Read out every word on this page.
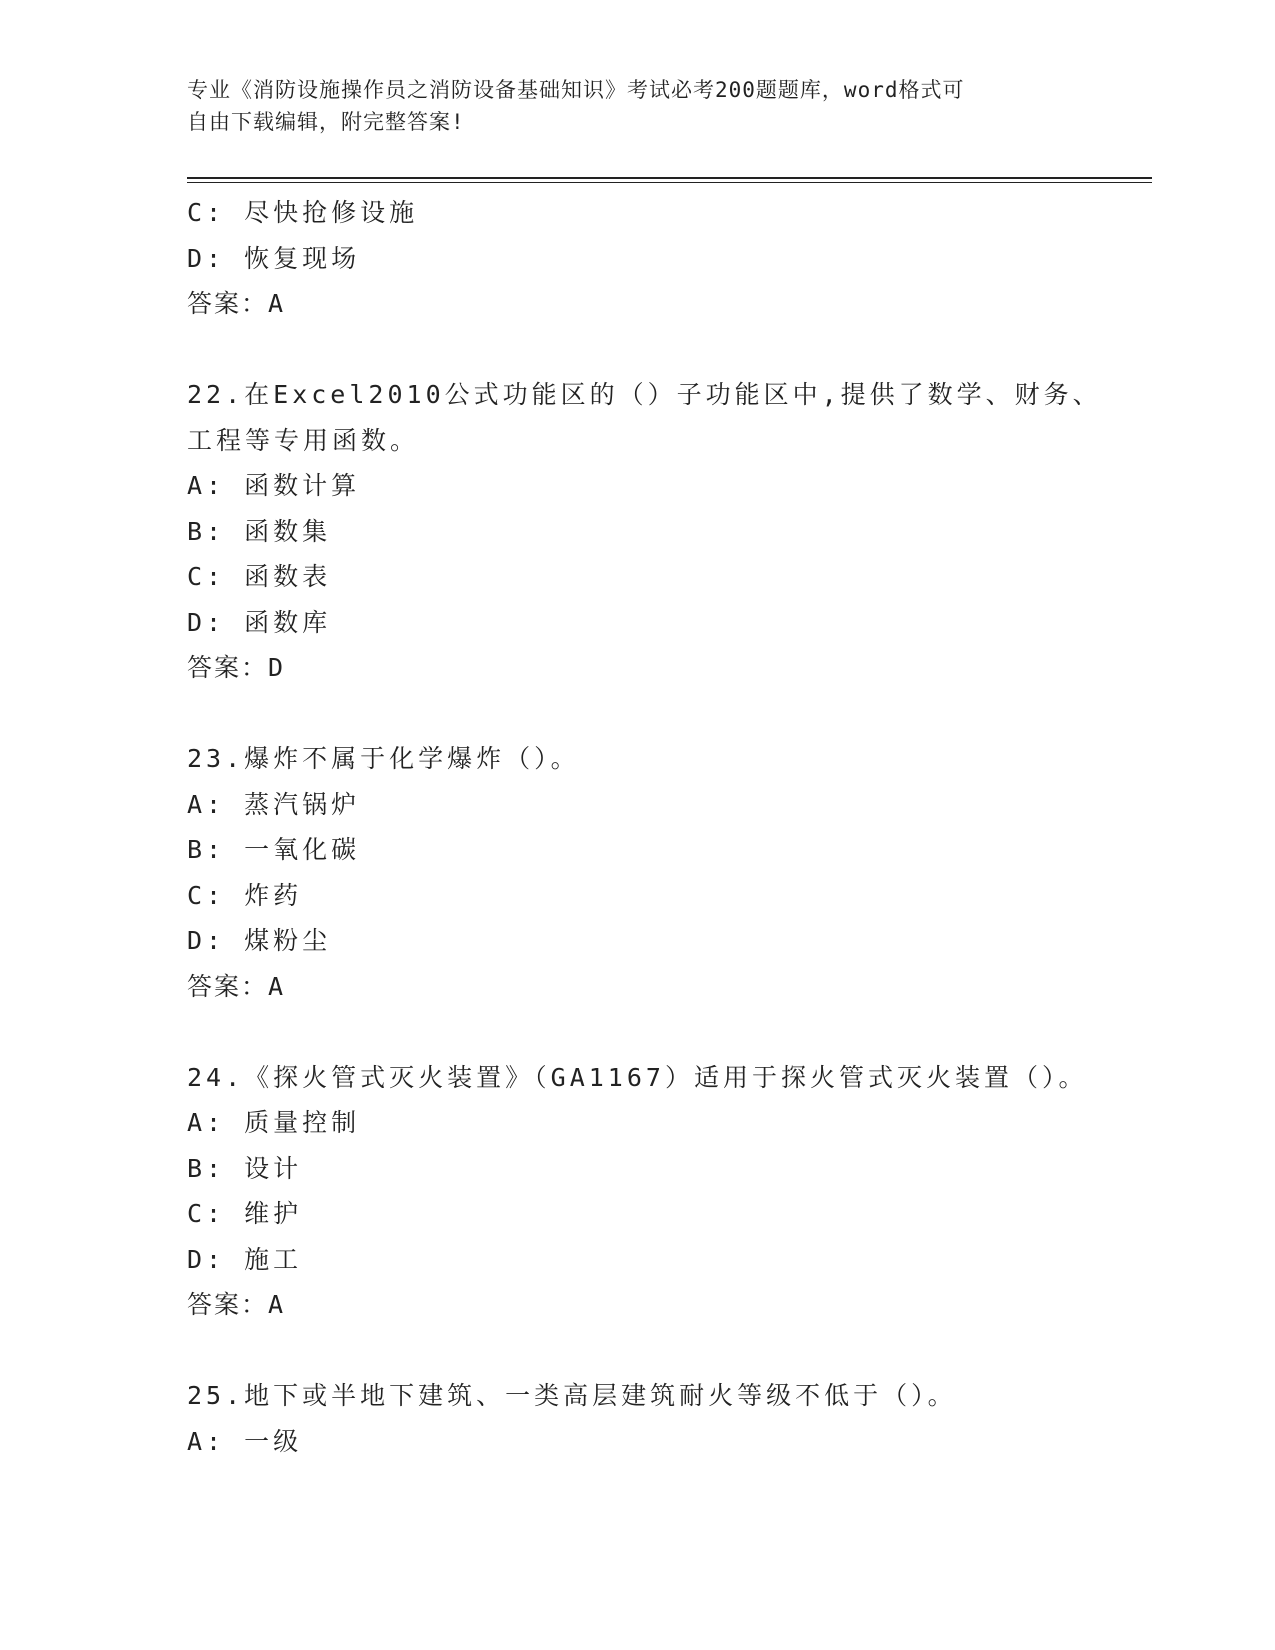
专业《消防设施操作员之消防设备基础知识》考试必考200题题库，word格式可
自由下载编辑，附完整答案!
C: 尽快抢修设施
D: 恢复现场
答案：A
22.在Excel2010公式功能区的（）子功能区中,提供了数学、财务、
工程等专用函数。
A: 函数计算
B: 函数集
C: 函数表
D: 函数库
答案：D
23.爆炸不属于化学爆炸（）。
A: 蒸汽锅炉
B: 一氧化碳
C: 炸药
D: 煤粉尘
答案：A
24.《探火管式灭火装置》（GA1167）适用于探火管式灭火装置（）。
A: 质量控制
B: 设计
C: 维护
D: 施工
答案：A
25.地下或半地下建筑、一类高层建筑耐火等级不低于（）。
A: 一级
